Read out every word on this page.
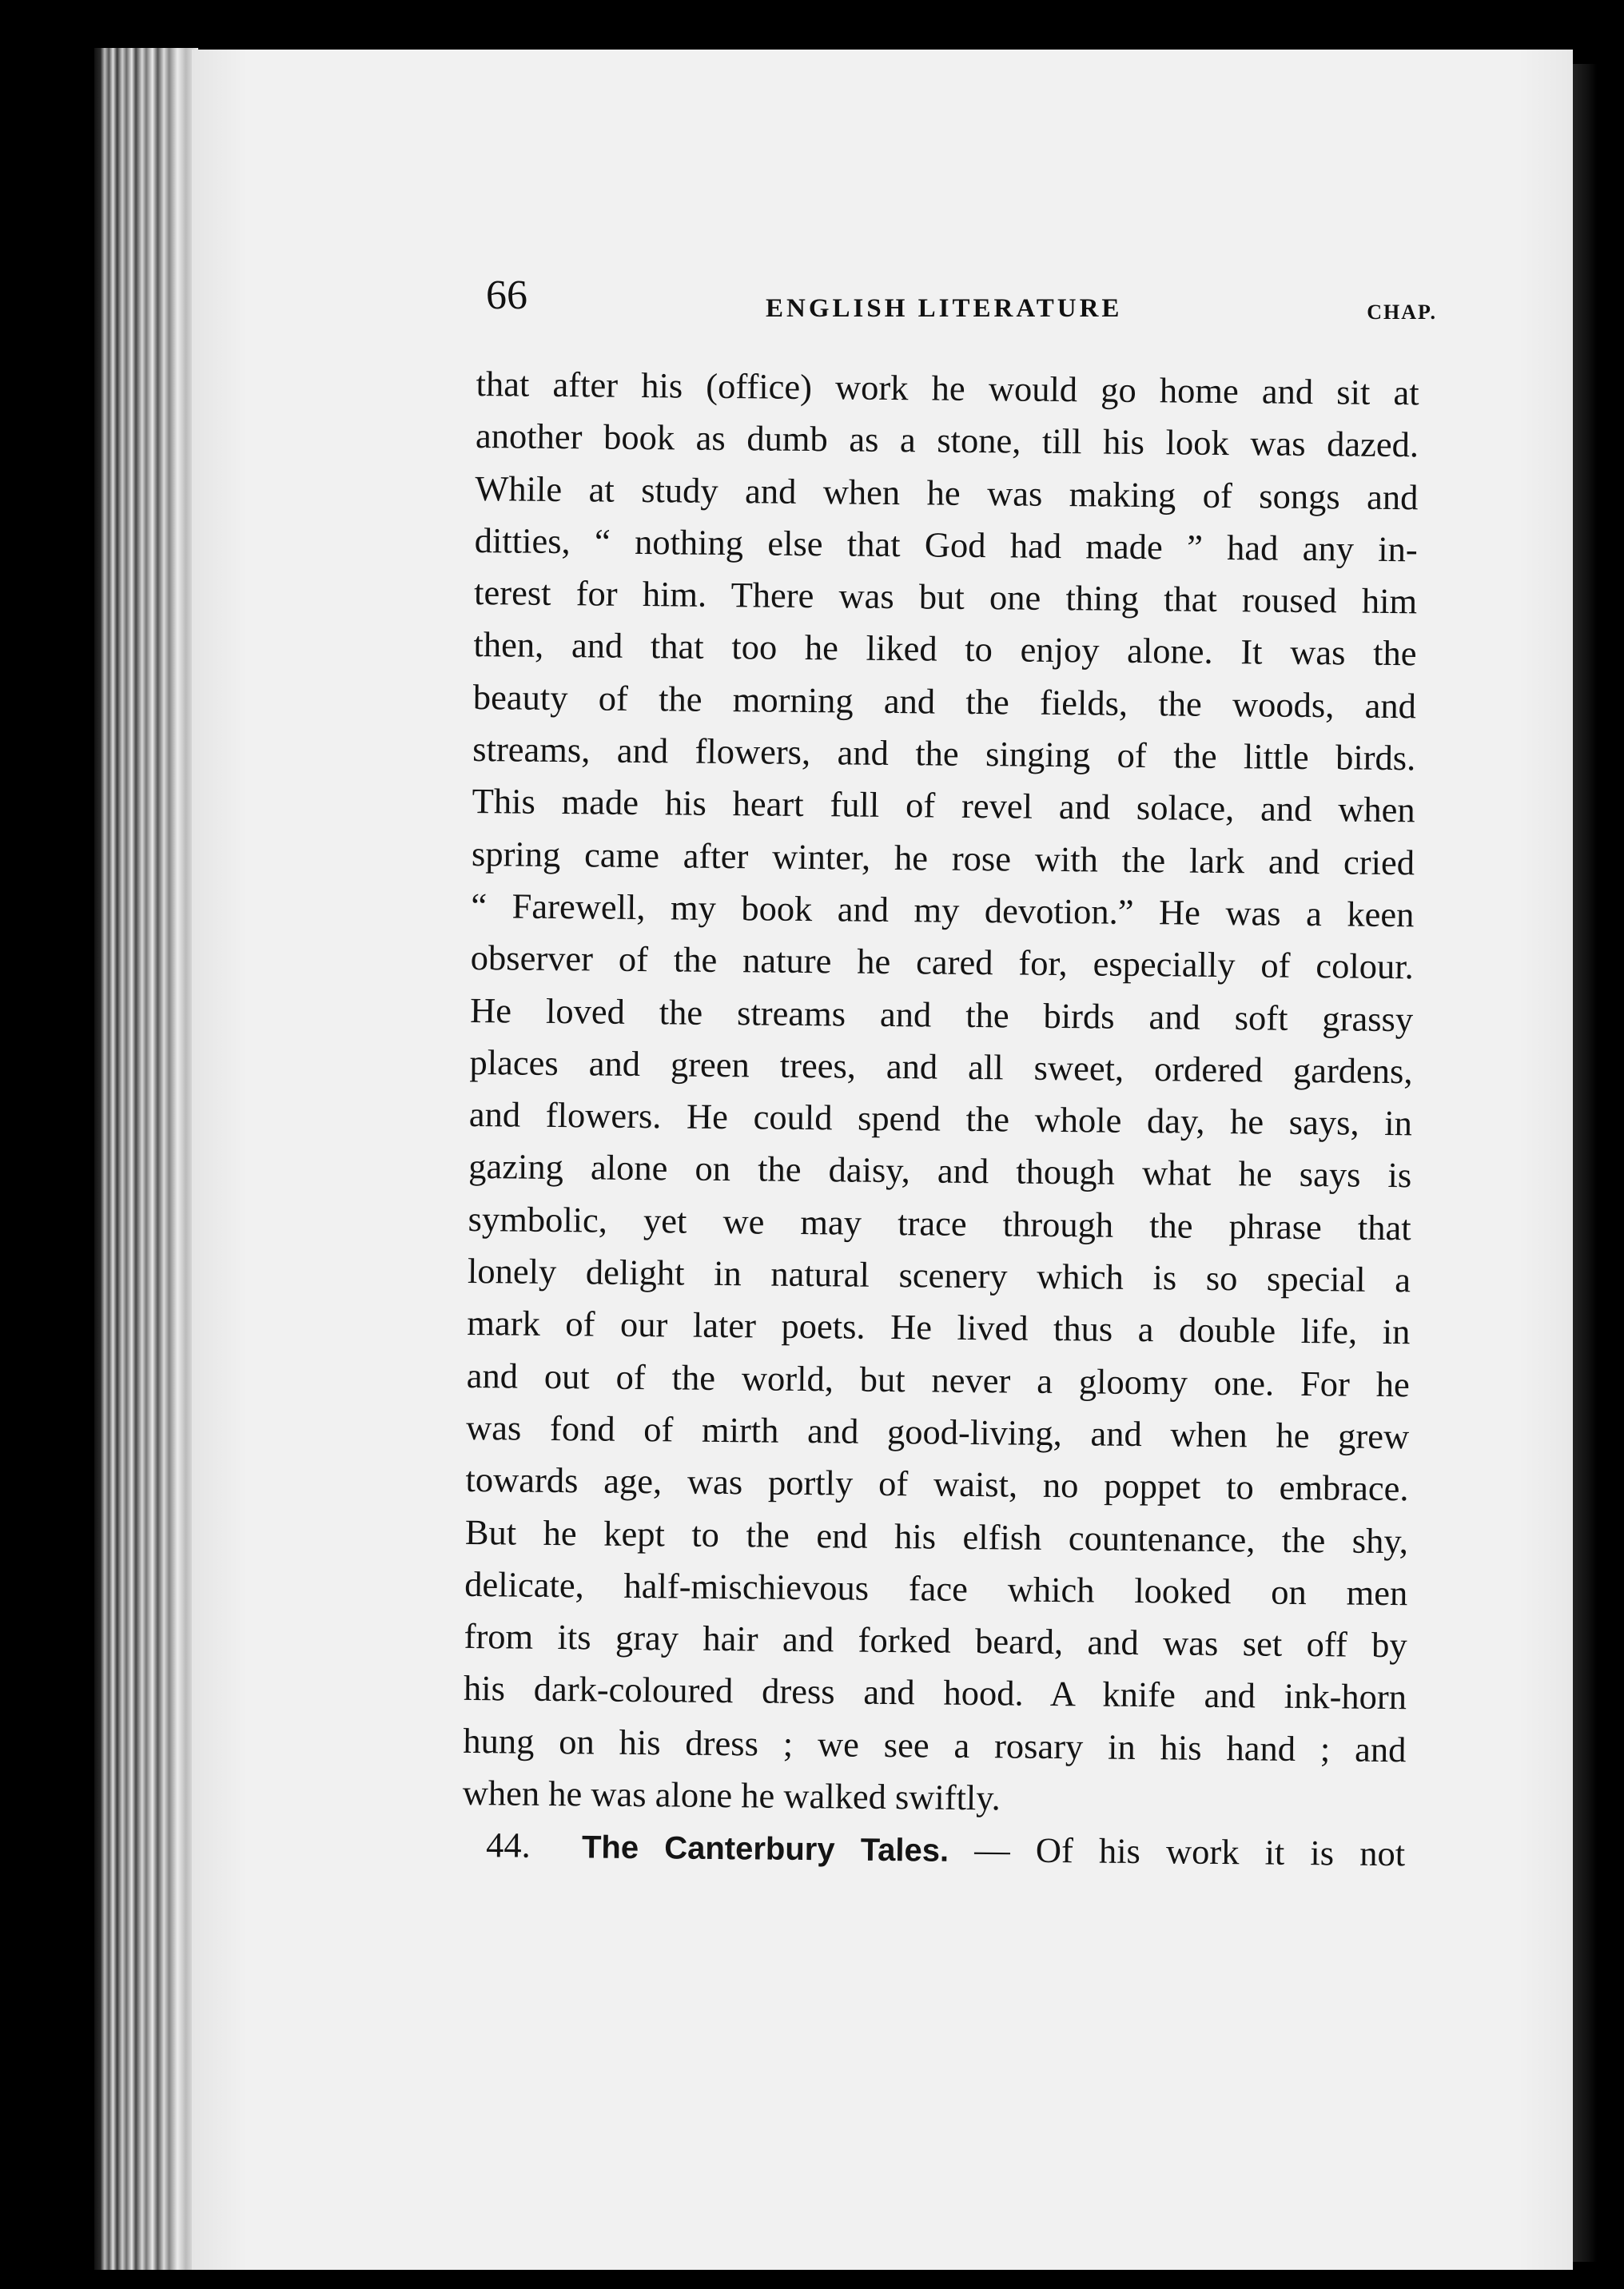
66	ENGLISH LITERATURE	CHAP.
that after his (office) work he would go home and sit at
another book as dumb as a stone, till his look was dazed.
While at study and when he was making of songs and
ditties, “ nothing else that God had made ” had any in-
terest for him. There was but one thing that roused him
then, and that too he liked to enjoy alone. It was the
beauty of the morning and the fields, the woods, and
streams, and flowers, and the singing of the little birds.
This made his heart full of revel and solace, and when
spring came after winter, he rose with the lark and cried
“ Farewell, my book and my devotion.” He was a keen
observer of the nature he cared for, especially of colour.
He loved the streams and the birds and soft grassy
places and green trees, and all sweet, ordered gardens,
and flowers. He could spend the whole day, he says, in
gazing alone on the daisy, and though what he says is
symbolic, yet we may trace through the phrase that
lonely delight in natural scenery which is so special a
mark of our later poets. He lived thus a double life, in
and out of the world, but never a gloomy one. For he
was fond of mirth and good-living, and when he grew
towards age, was portly of waist, no poppet to embrace.
But he kept to the end his elfish countenance, the shy,
delicate, half-mischievous face which looked on men
from its gray hair and forked beard, and was set off by
his dark-coloured dress and hood. A knife and ink-horn
hung on his dress ; we see a rosary in his hand ; and
when he was alone he walked swiftly.
44. The Canterbury Tales. — Of his work it is not
